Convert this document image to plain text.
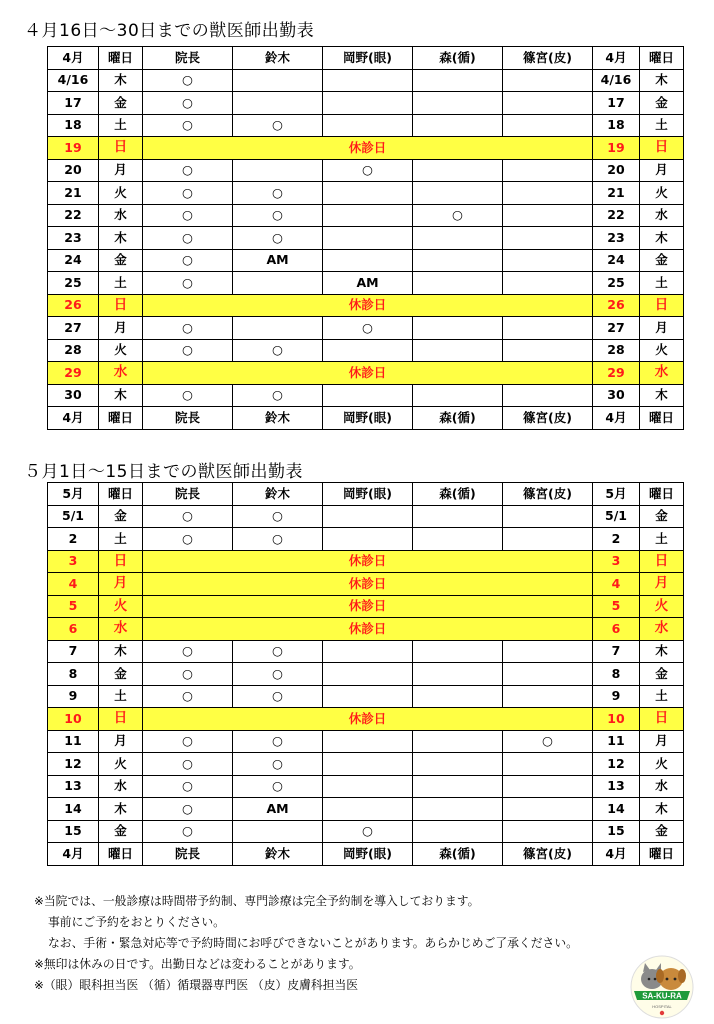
４月16日〜30日までの獣医師出勤表
4月	曜日	院長	鈴木	岡野(眼)	森(循)	篠宮(皮)	4月	曜日
4/16	木	○					4/16	木
17	金	○					17	金
18	土	○	○				18	土
19	日	休診日					19	日
20	月	○		○			20	月
21	火	○	○				21	火
22	水	○	○		○		22	水
23	木	○	○				23	木
24	金	○	AM				24	金
25	土	○		AM			25	土
26	日	休診日					26	日
27	月	○		○			27	月
28	火	○	○				28	火
29	水	休診日					29	水
30	木	○	○				30	木
4月	曜日	院長	鈴木	岡野(眼)	森(循)	篠宮(皮)	4月	曜日
５月1日〜15日までの獣医師出勤表
5月	曜日	院長	鈴木	岡野(眼)	森(循)	篠宮(皮)	5月	曜日
5/1	金	○	○				5/1	金
2	土	○	○				2	土
3	日	休診日					3	日
4	月	休診日					4	月
5	火	休診日					5	火
6	水	休診日					6	水
7	木	○	○				7	木
8	金	○	○				8	金
9	土	○	○				9	土
10	日	休診日					10	日
11	月	○	○			○	11	月
12	火	○	○				12	火
13	水	○	○				13	水
14	木	○	AM				14	木
15	金	○		○			15	金
4月	曜日	院長	鈴木	岡野(眼)	森(循)	篠宮(皮)	4月	曜日
※当院では、一般診療は時間帯予約制、専門診療は完全予約制を導入しております。
事前にご予約をおとりください。
なお、手術・緊急対応等で予約時間にお呼びできないことがあります。あらかじめご了承ください。
※無印は休みの日です。出勤日などは変わることがあります。
※（眼）眼科担当医 （循）循環器専門医 （皮）皮膚科担当医
SA-KU-RA
HOSPITAL
